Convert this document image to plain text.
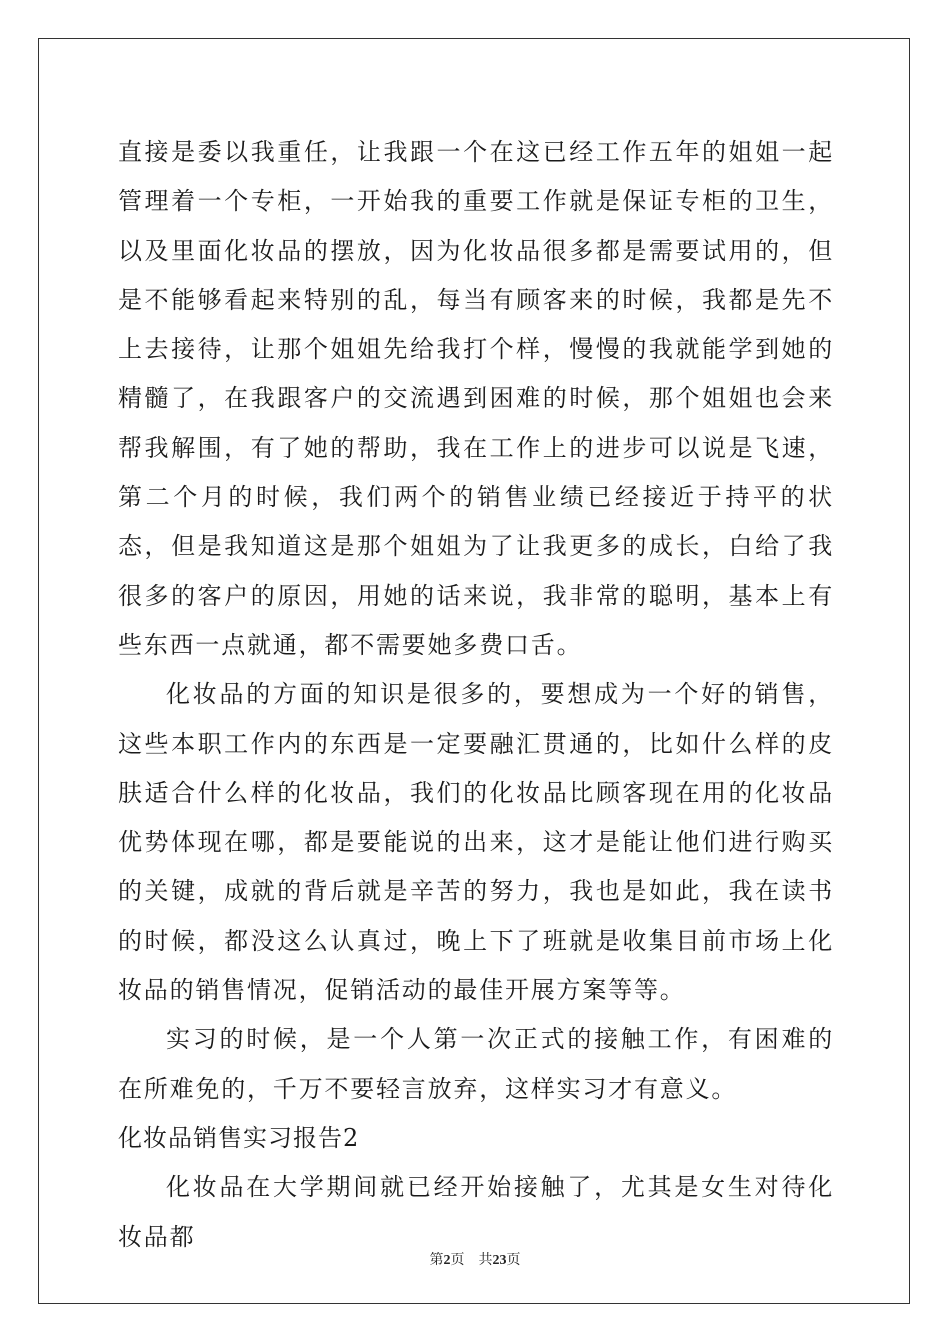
直接是委以我重任，让我跟一个在这已经工作五年的姐姐一起管理着一个专柜，一开始我的重要工作就是保证专柜的卫生，以及里面化妆品的摆放，因为化妆品很多都是需要试用的，但是不能够看起来特别的乱，每当有顾客来的时候，我都是先不上去接待，让那个姐姐先给我打个样，慢慢的我就能学到她的精髓了，在我跟客户的交流遇到困难的时候，那个姐姐也会来帮我解围，有了她的帮助，我在工作上的进步可以说是飞速，第二个月的时候，我们两个的销售业绩已经接近于持平的状态，但是我知道这是那个姐姐为了让我更多的成长，白给了我很多的客户的原因，用她的话来说，我非常的聪明，基本上有些东西一点就通，都不需要她多费口舌。

化妆品的方面的知识是很多的，要想成为一个好的销售，这些本职工作内的东西是一定要融汇贯通的，比如什么样的皮肤适合什么样的化妆品，我们的化妆品比顾客现在用的化妆品优势体现在哪，都是要能说的出来，这才是能让他们进行购买的关键，成就的背后就是辛苦的努力，我也是如此，我在读书的时候，都没这么认真过，晚上下了班就是收集目前市场上化妆品的销售情况，促销活动的最佳开展方案等等。

实习的时候，是一个人第一次正式的接触工作，有困难的在所难免的，千万不要轻言放弃，这样实习才有意义。

化妆品销售实习报告2

化妆品在大学期间就已经开始接触了，尤其是女生对待化妆品都

第2页 共23页
